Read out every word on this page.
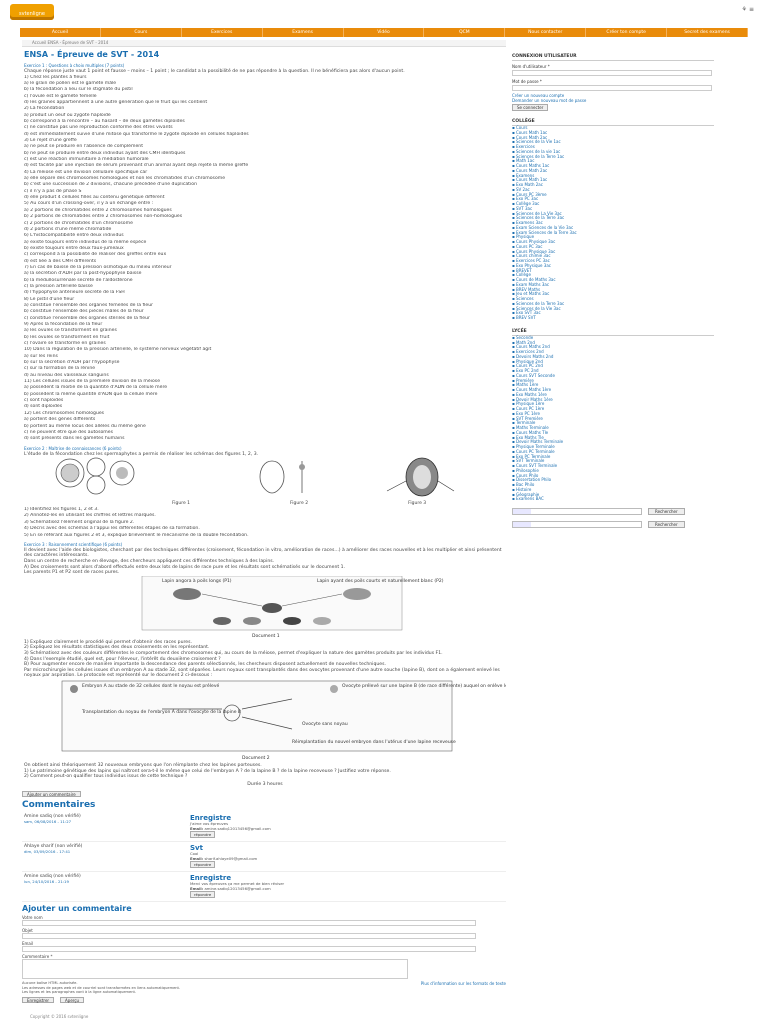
svtenligne
⚘ ≡
Accueil	Cours	Exercices	Examens	Vidéo	QCM	Nous contacter	Créer ton compte	Secret des examens
Accueil ENSA - Épreuve de SVT - 2014
ENSA - Épreuve de SVT - 2014
Exercice 1 : Questions à choix multiples (7 points)
Chaque réponse juste vaut 1 point et fausse – moins – 1 point ; le candidat a la possibilité de ne pas répondre à la question. Il ne bénéficiera pas alors d'aucun point.
1) Chez les plantes à fleurs
a) le grain de pollen est le gamète mâle
b) la fécondation a lieu sur le stigmate du pistil
c) l'ovule est le gamète femelle
d) les graines appartiennent à une autre génération que le fruit qui les contient
2) La fécondation
a) produit un oeuf ou zygote haploïde
b) correspond à la rencontre – au hasard – de deux gamètes diploïdes
c) ne constitue pas une reproduction conforme des êtres vivants
d) est immédiatement suivie d'une mitose qui transforme le zygote diploïde en cellules haploïdes
3) Le rejet d'une greffe
a) ne peut se produire en l'absence de complément
b) ne peut se produire entre deux individus ayant des CMH identiques
c) est une réaction immunitaire à médiation humorale
d) est facilité par une injection de sérum provenant d'un animal ayant déjà rejeté la même greffe
4) La méiose est une division cellulaire spécifique car
a) elle sépare des chromosomes homologues et non les chromatides d'un chromosome
b) c'est une succession de 2 divisions, chacune précédée d'une duplication
c) il n'y a pas de phase S
d) elle produit 4 cellules filles au contenu génétique différent
5) Au cours d'un crossing-over, il y a un échange entre :
a) 2 portions de chromatides entre 2 chromosomes homologues
b) 2 portions de chromatides entre 2 chromosomes non-homologues
c) 2 portions de chromatides d'un chromosome
d) 2 portions d'une même chromatide
6) L'histocompatibilité entre deux individus
a) existe toujours entre individus de la même espèce
b) existe toujours entre deux faux-jumeaux
c) correspond à la possibilité de réaliser des greffes entre eux
d) est liée à des CMH différents
7) En cas de baisse de la pression osmotique du milieu intérieur
a) la sécrétion d'ADH par la post-hypophyse baisse
b) la médullosurrénale secrète de l'aldostérone
c) la pression artérielle baisse
d) l'hypophyse antérieure secrète de la FSH
8) Le pistil d'une fleur
a) constitue l'ensemble des organes femelles de la fleur
b) constitue l'ensemble des pièces mâles de la fleur
c) constitue l'ensemble des organes stériles de la fleur
9) Après la fécondation de la fleur
a) les ovules se transforment en graines
b) les ovules se transforment en fruit
c) l'ovaire se transforme en graines
10) Dans la régulation de la pression artérielle, le système nerveux végétatif agit
a) sur les reins
b) sur la sécrétion d'ADH par l'hypophyse
c) sur la formation de la rénine
d) au niveau des vaisseaux sanguins
11) Les cellules issues de la première division de la méiose
a) possèdent la moitié de la quantité d'ADN de la cellule mère
b) possèdent la même quantité d'ADN que la cellule mère
c) sont haploïdes
d) sont diploïdes
12) Les chromosomes homologues
a) portent des gènes différents
b) portent au même locus des allèles du même gène
c) ne peuvent être que des autosomes
d) sont présents dans les gamètes humains
Exercice 2 : Maîtrise de connaissances (6 points)
L'étude de la fécondation chez les spermaphytes a permis de réaliser les schémas des figures 1, 2, 3.
Figure 1	Figure 2	Figure 3
1) Identifiez les figures 1, 2 et 3.
2) Annotez-les en utilisant les chiffres et lettres marqués.
3) Schématisez l'élément original de la figure 2.
4) Décris avec des schémas à l'appui les différentes étapes de sa formation.
5) En se référant aux figures 2 et 3, explique brièvement le mécanisme de la double fécondation.
Exercice 3 : Raisonnement scientifique (6 points)
Il devient avec l'aide des biologistes, cherchant par des techniques différentes (croisement, fécondation in vitro, amélioration de races...) à améliorer des races nouvelles et à les multiplier et ainsi présentent des caractères intéressants.
Dans un centre de recherche en élevage, des chercheurs appliquent ces différentes techniques à des lapins.
A) Des croisements sont alors d'abord effectués entre deux lots de lapins de race pure et les résultats sont schématisés sur le document 1.
Les parents P1 et P2 sont de races pures.
Lapin angora à poils longs (P1)	Lapin ayant des poils courts et naturellement blanc (P2)
Document 1
1) Expliquez clairement le procédé qui permet d'obtenir des races pures.
2) Expliquez les résultats statistiques des deux croisements en les représentant.
3) Schématisez avec des couleurs différentes le comportement des chromosomes qui, au cours de la méiose, permet d'expliquer la nature des gamètes produits par les individus F1.
4) Dans l'exemple étudié, quel est, pour l'éleveur, l'intérêt du deuxième croisement ?
B) Pour augmenter encore de manière importante la descendance des parents sélectionnés, les chercheurs disposent actuellement de nouvelles techniques.
Par microchirurgie les cellules issues d'un embryon A au stade 32, sont séparées. Leurs noyaux sont transplantés dans des ovocytes provenant d'une autre souche (lapine B), dont on a également enlevé les noyaux par aspiration. Le protocole est représenté sur le document 2 ci-dessous :
Embryon A au stade de 32 cellules dont le noyau est prélevé	Ovocyte prélevé sur une lapine B (de race différente) auquel on enlève le noyau
Transplantation du noyau de l'embryon A dans l'ovocyte de la lapine B
Ovocyte sans noyau
Réimplantation du nouvel embryon dans l'utérus d'une lapine receveuse
Document 2
On obtient ainsi théoriquement 32 nouveaux embryons que l'on réimplante chez les lapines porteuses.
1) Le patrimoine génétique des lapins qui naîtront sera-t-il le même que celui de l'embryon A ? de la lapine B ? de la lapine receveuse ? Justifiez votre réponse.
2) Comment peut-on qualifier tous individus issus de cette technique ?
Durée 3 heures
Ajouter un commentaire
Commentaires
Amine sadiq (non vérifié)
sam, 06/08/2016 - 11:27	Enregistre
J'aime vos épreuves
Email: amine.sadiq12013456@gmail.com
répondre
Ahlaye sharif (non vérifié)
dim, 03/09/2016 - 17:41	Svt
Cool
Email: sharif.ahlaye09@gmail.com
répondre
Amine sadiq (non vérifié)
lun, 24/10/2016 - 21:19	Enregistre
Merci vos épreuves ça me permet de bien réviser
Email: amine.sadiq12013456@gmail.com
répondre
Ajouter un commentaire
Votre nom
Objet
Email
Commentaire *
Aucune balise HTML autorisée.
Les adresses de pages web et de courriel sont transformées en liens automatiquement.
Les lignes et les paragraphes vont à la ligne automatiquement.
Plus d'information sur les formats de texte
Enregistrer	Aperçu
CONNEXION UTILISATEUR
Nom d'utilisateur *
Mot de passe *
Créer un nouveau compte
Demander un nouveau mot de passe
Se connecter
COLLÈGE
▪ Cours
▪ Cours Math 1ac
▪ Cours Math 2ac
▪ Sciences de la Vie 1ac
▪ Exercices
▪ Sciences de la vie 1ac
▪ Sciences de la Terre 1ac
▪ Math 1ac
▪ Cours Maths 1ac
▪ Cours Math 2ac
▪ Examens
▪ Cours Math 1ac
▪ Exo Math 2ac
▪ SV 2ac
▪ Cours PC 3ème
▪ Exo PC 3ac
▪ Collège 3ac
▪ SVT 3ac
▪ Sciences de La Vie 3ac
▪ Sciences de la Terre 3ac
▪ Examens 3ac
▪ Exam Sciences de la Vie 3ac
▪ Exam Sciences de la Terre 3ac
▪ Physique
▪ Cours Physique 3ac
▪ Cours PC 3ac
▪ Cours Physique 3ac
▪ Cours chimie 3ac
▪ Exercices PC 3ac
▪ Exo Physique 3ac
▪ BREVET
▪ Collège
▪ Cours de Maths 3ac
▪ Exam Maths 3ac
▪ BREV Maths
▪ Jeu et Maths 3ac
▪ Sciences
▪ Sciences de la Terre 3ac
▪ Sciences de la Vie 3ac
▪ Exo SVT 3ac
▪ BREV SVT
LYCÉE
▪ Seconde
▪ Math 2nd
▪ Cours Maths 2nd
▪ Exercices 2nd
▪ Devoirs Maths 2nd
▪ Physique 2nd
▪ Cours PC 2nd
▪ Exo PC 2nd
▪ Cours SVT Seconde
▪ Première
▪ Maths 1ère
▪ Cours Maths 1ère
▪ Exo Maths 1ère
▪ Devoir Maths 1ère
▪ Physique 1ère
▪ Cours PC 1ère
▪ Exo PC 1ère
▪ SVT Première
▪ Terminale
▪ Maths Terminale
▪ Cours Maths Tle
▪ Exo Maths Tle
▪ Devoir Maths Terminale
▪ Physique Terminale
▪ Cours PC Terminale
▪ Exo PC Terminale
▪ SVT Terminale
▪ Cours SVT Terminale
▪ Philosophie
▪ Cours Philo
▪ Dissertation Philo
▪ Bac Philo
▪ Histoire
▪ Géographie
▪ Examens BAC
Rechercher
Rechercher
Copyright © 2016 svtenligne
